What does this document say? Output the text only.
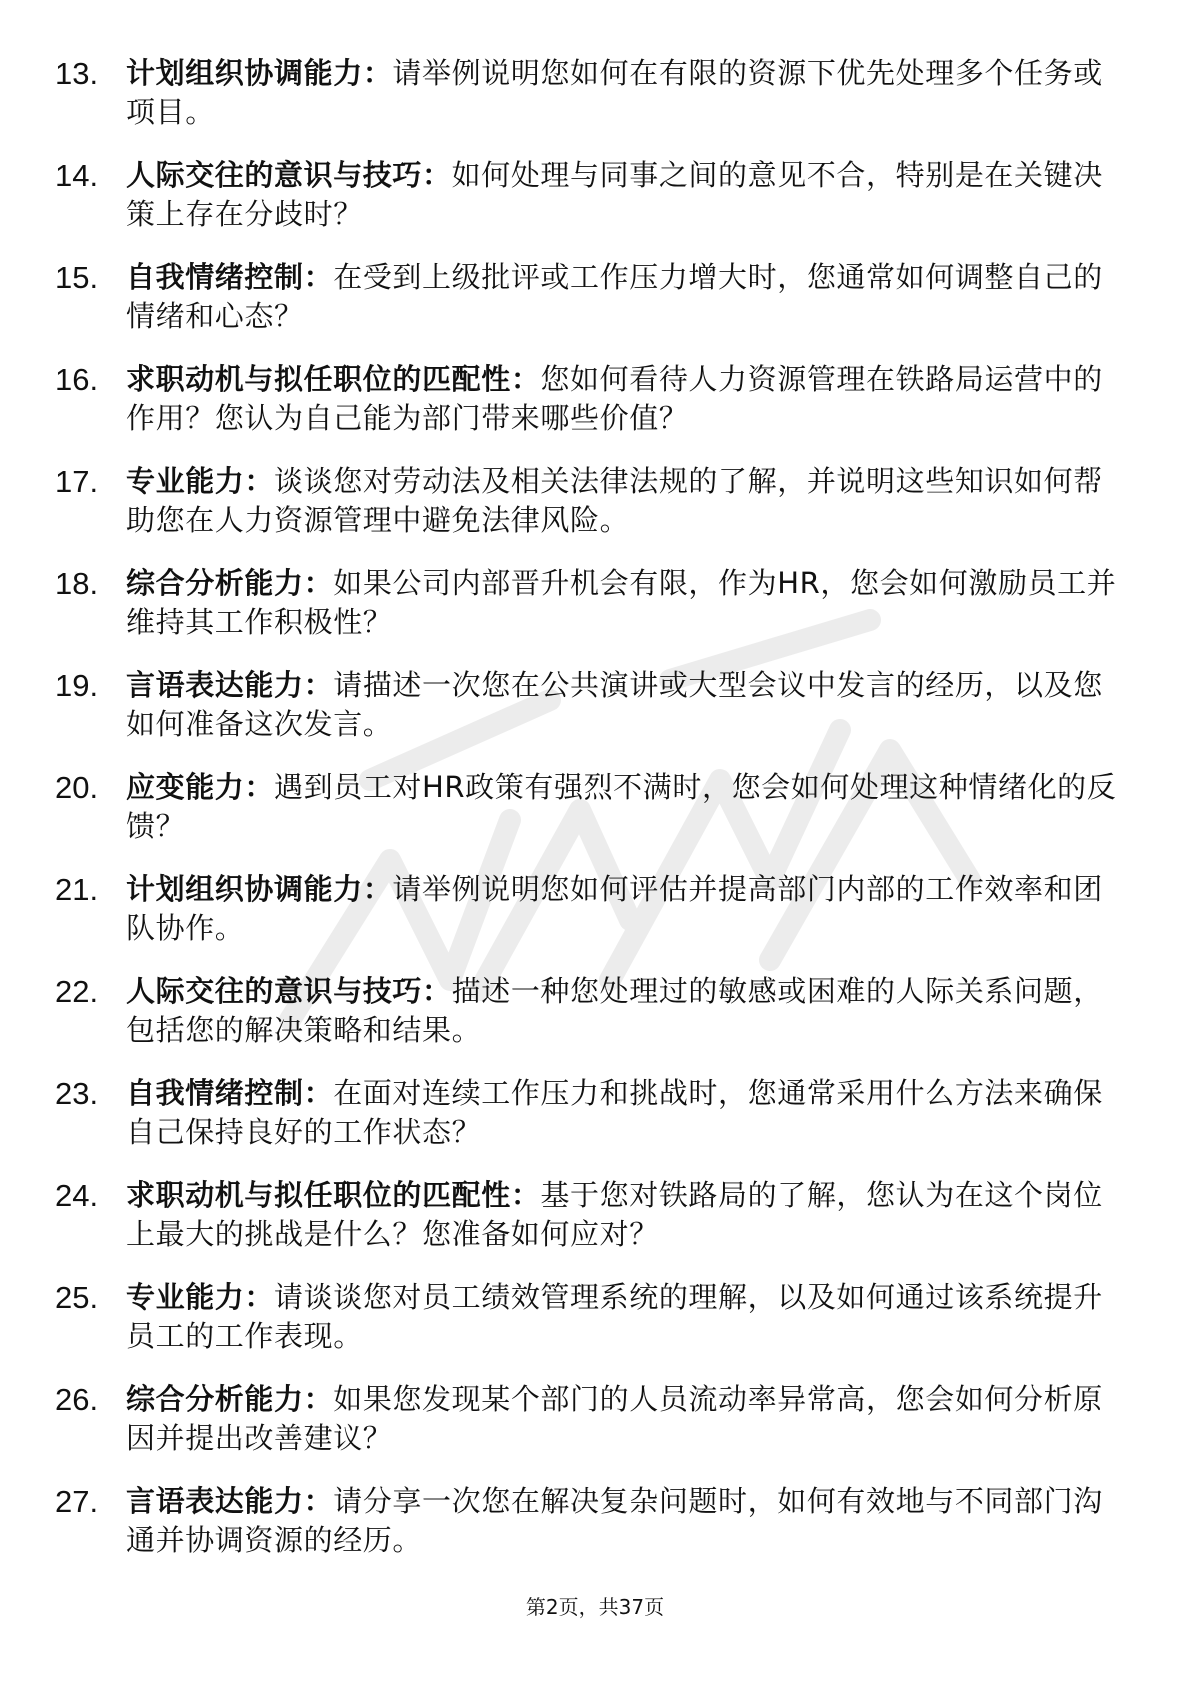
13. 计划组织协调能力：请举例说明您如何在有限的资源下优先处理多个任务或项目。
14. 人际交往的意识与技巧：如何处理与同事之间的意见不合，特别是在关键决策上存在分歧时？
15. 自我情绪控制：在受到上级批评或工作压力增大时，您通常如何调整自己的情绪和心态？
16. 求职动机与拟任职位的匹配性：您如何看待人力资源管理在铁路局运营中的作用？您认为自己能为部门带来哪些价值？
17. 专业能力：谈谈您对劳动法及相关法律法规的了解，并说明这些知识如何帮助您在人力资源管理中避免法律风险。
18. 综合分析能力：如果公司内部晋升机会有限，作为HR，您会如何激励员工并维持其工作积极性？
19. 言语表达能力：请描述一次您在公共演讲或大型会议中发言的经历，以及您如何准备这次发言。
20. 应变能力：遇到员工对HR政策有强烈不满时，您会如何处理这种情绪化的反馈？
21. 计划组织协调能力：请举例说明您如何评估并提高部门内部的工作效率和团队协作。
22. 人际交往的意识与技巧：描述一种您处理过的敏感或困难的人际关系问题，包括您的解决策略和结果。
23. 自我情绪控制：在面对连续工作压力和挑战时，您通常采用什么方法来确保自己保持良好的工作状态？
24. 求职动机与拟任职位的匹配性：基于您对铁路局的了解，您认为在这个岗位上最大的挑战是什么？您准备如何应对？
25. 专业能力：请谈谈您对员工绩效管理系统的理解，以及如何通过该系统提升员工的工作表现。
26. 综合分析能力：如果您发现某个部门的人员流动率异常高，您会如何分析原因并提出改善建议？
27. 言语表达能力：请分享一次您在解决复杂问题时，如何有效地与不同部门沟通并协调资源的经历。
第2页，共37页
